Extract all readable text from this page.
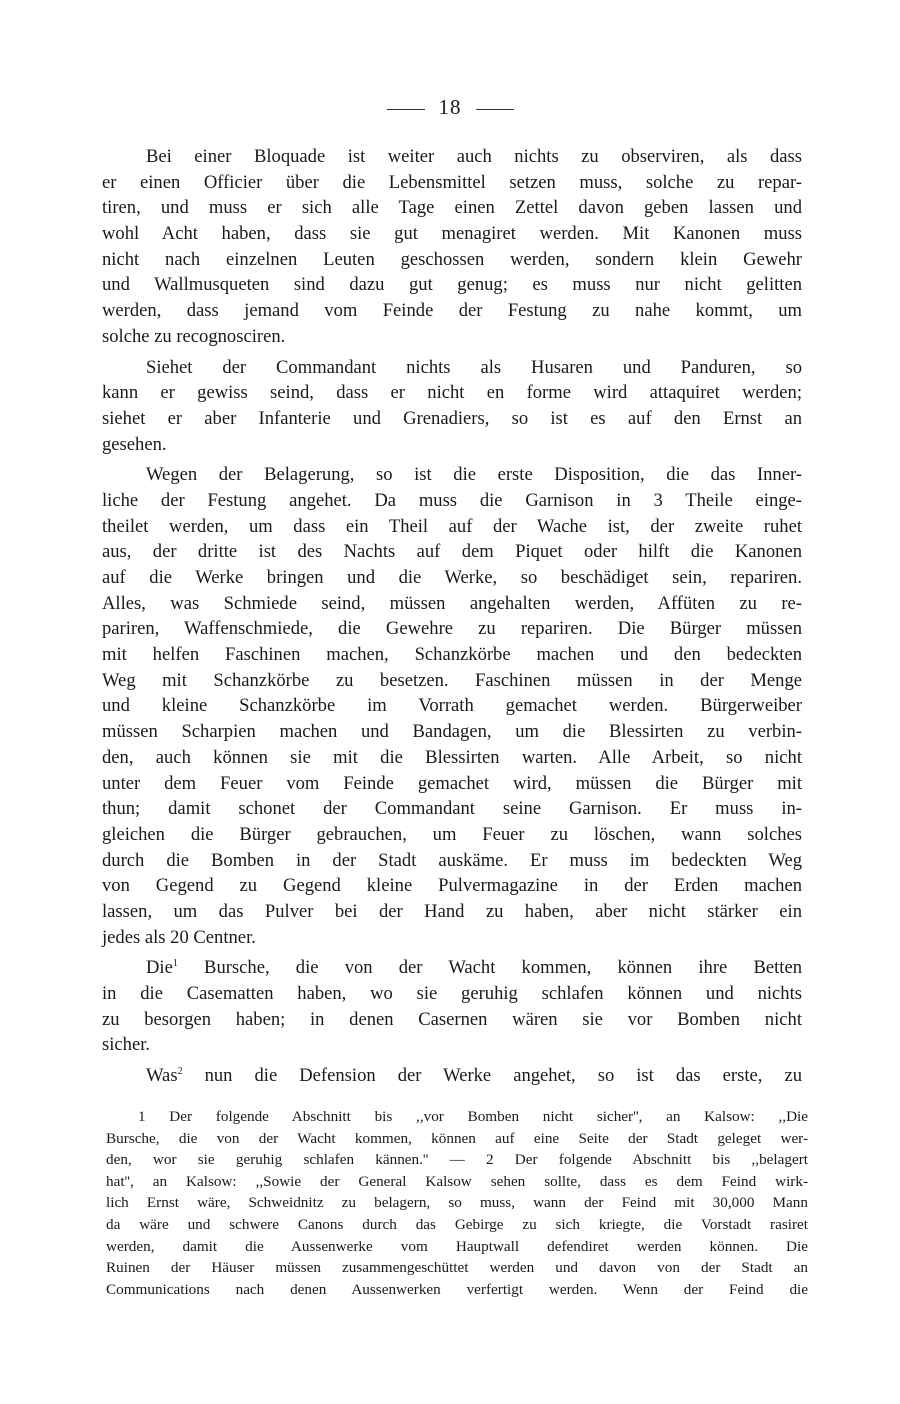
18
Bei einer Bloquade ist weiter auch nichts zu observiren, als dass
er einen Officier über die Lebensmittel setzen muss, solche zu repar-
tiren, und muss er sich alle Tage einen Zettel davon geben lassen und
wohl Acht haben, dass sie gut menagiret werden. Mit Kanonen muss
nicht nach einzelnen Leuten geschossen werden, sondern klein Gewehr
und Wallmusqueten sind dazu gut genug; es muss nur nicht gelitten
werden, dass jemand vom Feinde der Festung zu nahe kommt, um
solche zu recognosciren.
Siehet der Commandant nichts als Husaren und Panduren, so
kann er gewiss seind, dass er nicht en forme wird attaquiret werden;
siehet er aber Infanterie und Grenadiers, so ist es auf den Ernst an
gesehen.
Wegen der Belagerung, so ist die erste Disposition, die das Inner-
liche der Festung angehet. Da muss die Garnison in 3 Theile einge-
theilet werden, um dass ein Theil auf der Wache ist, der zweite ruhet
aus, der dritte ist des Nachts auf dem Piquet oder hilft die Kanonen
auf die Werke bringen und die Werke, so beschädiget sein, repariren.
Alles, was Schmiede seind, müssen angehalten werden, Affüten zu re-
pariren, Waffenschmiede, die Gewehre zu repariren. Die Bürger müssen
mit helfen Faschinen machen, Schanzkörbe machen und den bedeckten
Weg mit Schanzkörbe zu besetzen. Faschinen müssen in der Menge
und kleine Schanzkörbe im Vorrath gemachet werden. Bürgerweiber
müssen Scharpien machen und Bandagen, um die Blessirten zu verbin-
den, auch können sie mit die Blessirten warten. Alle Arbeit, so nicht
unter dem Feuer vom Feinde gemachet wird, müssen die Bürger mit
thun; damit schonet der Commandant seine Garnison. Er muss in-
gleichen die Bürger gebrauchen, um Feuer zu löschen, wann solches
durch die Bomben in der Stadt auskäme. Er muss im bedeckten Weg
von Gegend zu Gegend kleine Pulvermagazine in der Erden machen
lassen, um das Pulver bei der Hand zu haben, aber nicht stärker ein
jedes als 20 Centner.
Die$^1$ Bursche, die von der Wacht kommen, können ihre Betten
in die Casematten haben, wo sie geruhig schlafen können und nichts
zu besorgen haben; in denen Casernen wären sie vor Bomben nicht
sicher.
Was$^2$ nun die Defension der Werke angehet, so ist das erste, zu
1 Der folgende Abschnitt bis ,,vor Bomben nicht sicher'', an Kalsow: ,,Die
Bursche, die von der Wacht kommen, können auf eine Seite der Stadt geleget wer-
den, wor sie geruhig schlafen kännen.'' — 2 Der folgende Abschnitt bis ,,belagert
hat'', an Kalsow: ,,Sowie der General Kalsow sehen sollte, dass es dem Feind wirk-
lich Ernst wäre, Schweidnitz zu belagern, so muss, wann der Feind mit 30,000 Mann
da wäre und schwere Canons durch das Gebirge zu sich kriegte, die Vorstadt rasiret
werden, damit die Aussenwerke vom Hauptwall defendiret werden können. Die
Ruinen der Häuser müssen zusammengeschüttet werden und davon von der Stadt an
Communications nach denen Aussenwerken verfertigt werden. Wenn der Feind die
